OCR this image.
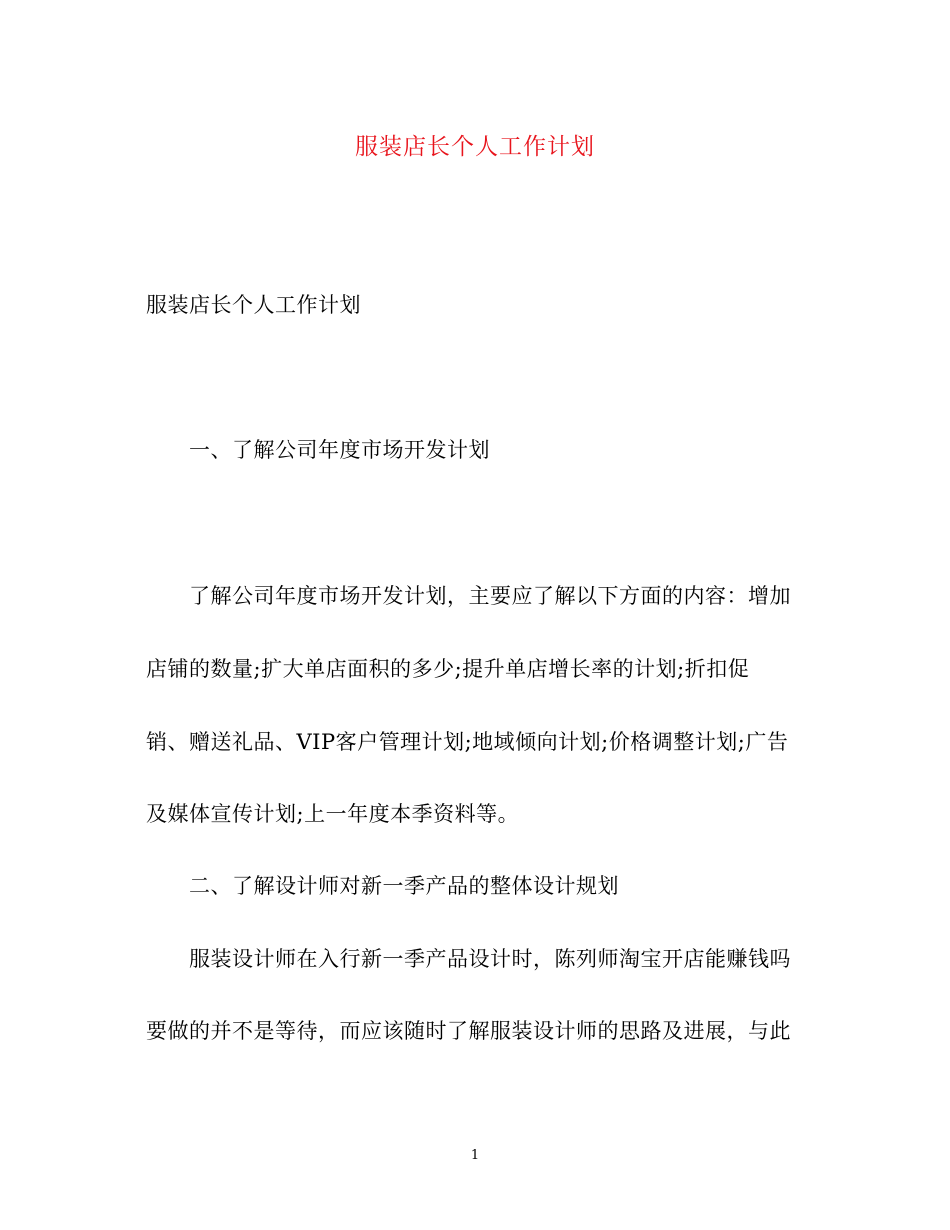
服装店长个人工作计划
服装店长个人工作计划
一、了解公司年度市场开发计划
了解公司年度市场开发计划，主要应了解以下方面的内容：增加
店铺的数量;扩大单店面积的多少;提升单店增长率的计划;折扣促
销、赠送礼品、VIP客户管理计划;地域倾向计划;价格调整计划;广告
及媒体宣传计划;上一年度本季资料等。
二、了解设计师对新一季产品的整体设计规划
服装设计师在入行新一季产品设计时，陈列师淘宝开店能赚钱吗
要做的并不是等待，而应该随时了解服装设计师的思路及进展，与此
1
